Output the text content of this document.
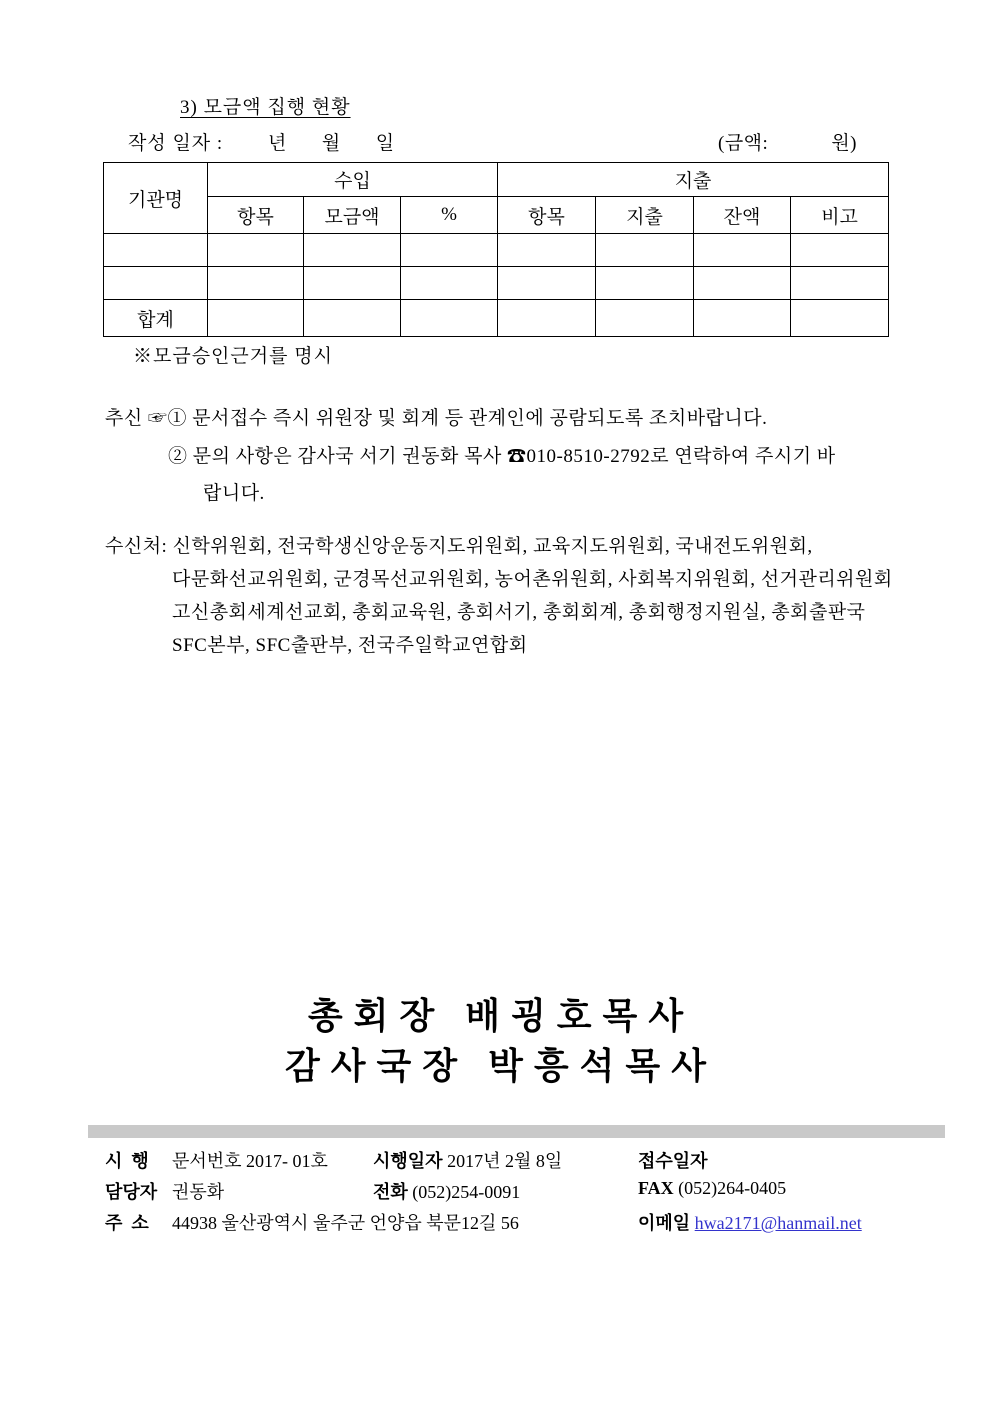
3) 모금액 집행 현황
작성 일자 : 년      월      일	(금액:            원)
기관명	수입			지출			
	항목	모금액	%	항목	지출	잔액	비고

합계							
※모금승인근거를 명시
추신 ☞① 문서접수 즉시 위원장 및 회계 등 관계인에 공람되도록 조치바랍니다.
② 문의 사항은 감사국 서기 권동화 목사 ☎010-8510-2792로 연락하여 주시기 바
랍니다.
수신처: 신학위원회, 전국학생신앙운동지도위원회, 교육지도위원회, 국내전도위원회,
다문화선교위원회, 군경목선교위원회, 농어촌위원회, 사회복지위원회, 선거관리위원회
고신총회세계선교회, 총회교육원, 총회서기, 총회회계, 총회행정지원실, 총회출판국
SFC본부, SFC출판부, 전국주일학교연합회
총 회 장   배 굉 호 목 사
감 사 국 장   박 흥 석 목 사
시  행 문서번호 2017- 01호	시행일자 2017년 2월 8일	접수일자
담당자 권동화	전화 (052)254-0091	FAX (052)264-0405
주  소 44938 울산광역시 울주군 언양읍 북문12길 56	이메일 hwa2171@hanmail.net
